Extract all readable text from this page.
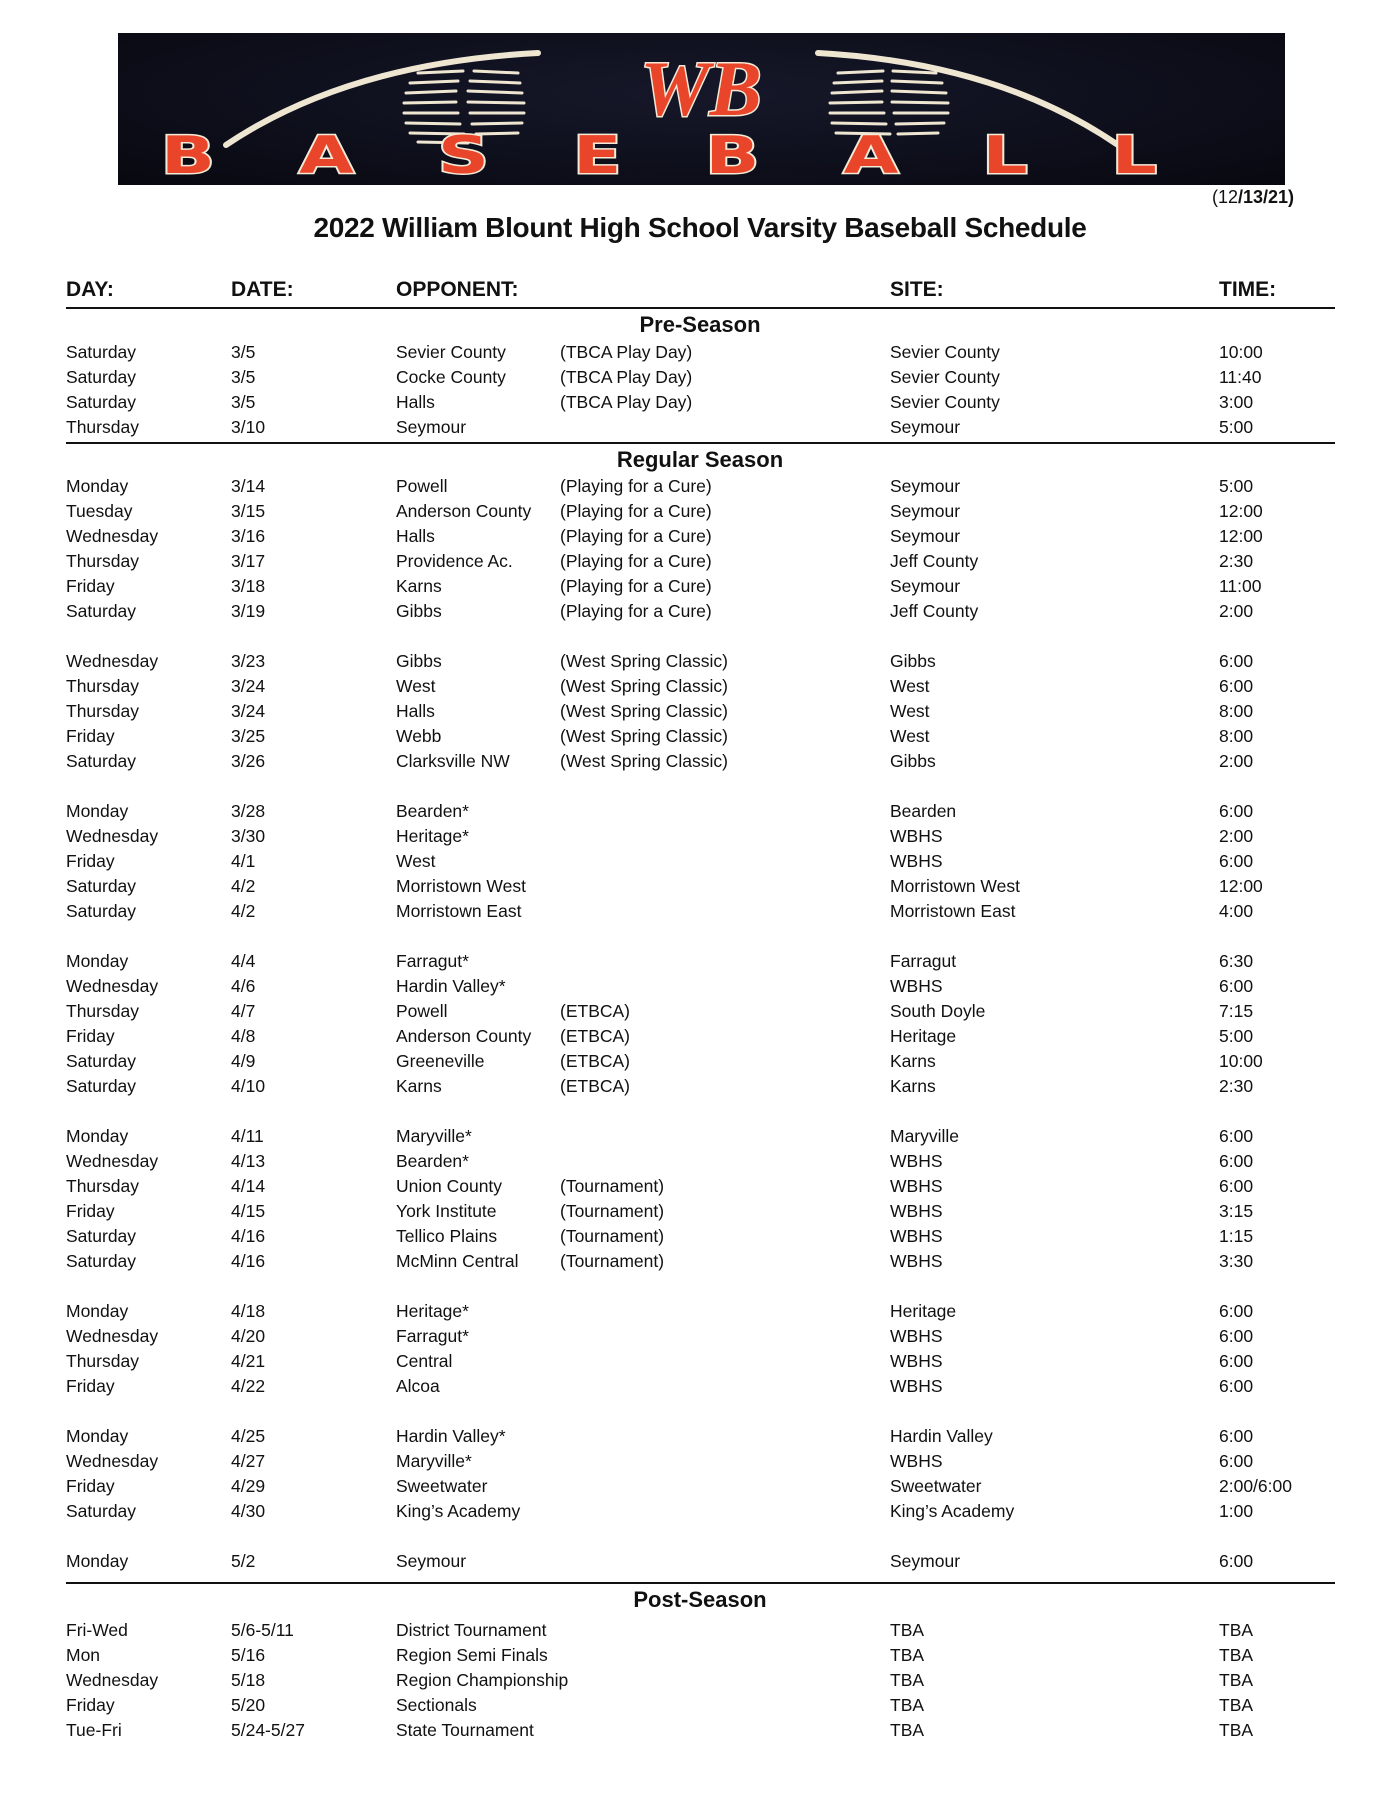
WB
BASEBALL
(12/13/21)
2022 William Blount High School Varsity Baseball Schedule
DAY:	DATE:	OPPONENT:	SITE:	TIME:
Pre-Season
Saturday	3/5	Sevier County	(TBCA Play Day)	Sevier County	10:00
Saturday	3/5	Cocke County	(TBCA Play Day)	Sevier County	11:40
Saturday	3/5	Halls	(TBCA Play Day)	Sevier County	3:00
Thursday	3/10	Seymour	Seymour	5:00
Regular Season
Monday	3/14	Powell	(Playing for a Cure)	Seymour	5:00
Tuesday	3/15	Anderson County (Playing for a Cure)	Seymour	12:00
Wednesday	3/16	Halls	(Playing for a Cure)	Seymour	12:00
Thursday	3/17	Providence Ac.	(Playing for a Cure)	Jeff County	2:30
Friday	3/18	Karns	(Playing for a Cure)	Seymour	11:00
Saturday	3/19	Gibbs	(Playing for a Cure)	Jeff County	2:00
Wednesday	3/23	Gibbs	(West Spring Classic)	Gibbs	6:00
Thursday	3/24	West	(West Spring Classic)	West	6:00
Thursday	3/24	Halls	(West Spring Classic)	West	8:00
Friday	3/25	Webb	(West Spring Classic)	West	8:00
Saturday	3/26	Clarksville NW	(West Spring Classic)	Gibbs	2:00
Monday	3/28	Bearden*	Bearden	6:00
Wednesday	3/30	Heritage*	WBHS	2:00
Friday	4/1	West	WBHS	6:00
Saturday	4/2	Morristown West	Morristown West	12:00
Saturday	4/2	Morristown East	Morristown East	4:00
Monday	4/4	Farragut*	Farragut	6:30
Wednesday	4/6	Hardin Valley*	WBHS	6:00
Thursday	4/7	Powell	(ETBCA)	South Doyle	7:15
Friday	4/8	Anderson County (ETBCA)	Heritage	5:00
Saturday	4/9	Greeneville	(ETBCA)	Karns	10:00
Saturday	4/10	Karns	(ETBCA)	Karns	2:30
Monday	4/11	Maryville*	Maryville	6:00
Wednesday	4/13	Bearden*	WBHS	6:00
Thursday	4/14	Union County	(Tournament)	WBHS	6:00
Friday	4/15	York Institute	(Tournament)	WBHS	3:15
Saturday	4/16	Tellico Plains	(Tournament)	WBHS	1:15
Saturday	4/16	McMinn Central (Tournament)	WBHS	3:30
Monday	4/18	Heritage*	Heritage	6:00
Wednesday	4/20	Farragut*	WBHS	6:00
Thursday	4/21	Central	WBHS	6:00
Friday	4/22	Alcoa	WBHS	6:00
Monday	4/25	Hardin Valley*	Hardin Valley	6:00
Wednesday	4/27	Maryville*	WBHS	6:00
Friday	4/29	Sweetwater	Sweetwater	2:00/6:00
Saturday	4/30	King’s Academy	King’s Academy	1:00
Monday	5/2	Seymour	Seymour	6:00
Post-Season
Fri-Wed	5/6-5/11	District Tournament	TBA	TBA
Mon	5/16	Region Semi Finals	TBA	TBA
Wednesday	5/18	Region Championship	TBA	TBA
Friday	5/20	Sectionals	TBA	TBA
Tue-Fri	5/24-5/27	State Tournament	TBA	TBA
